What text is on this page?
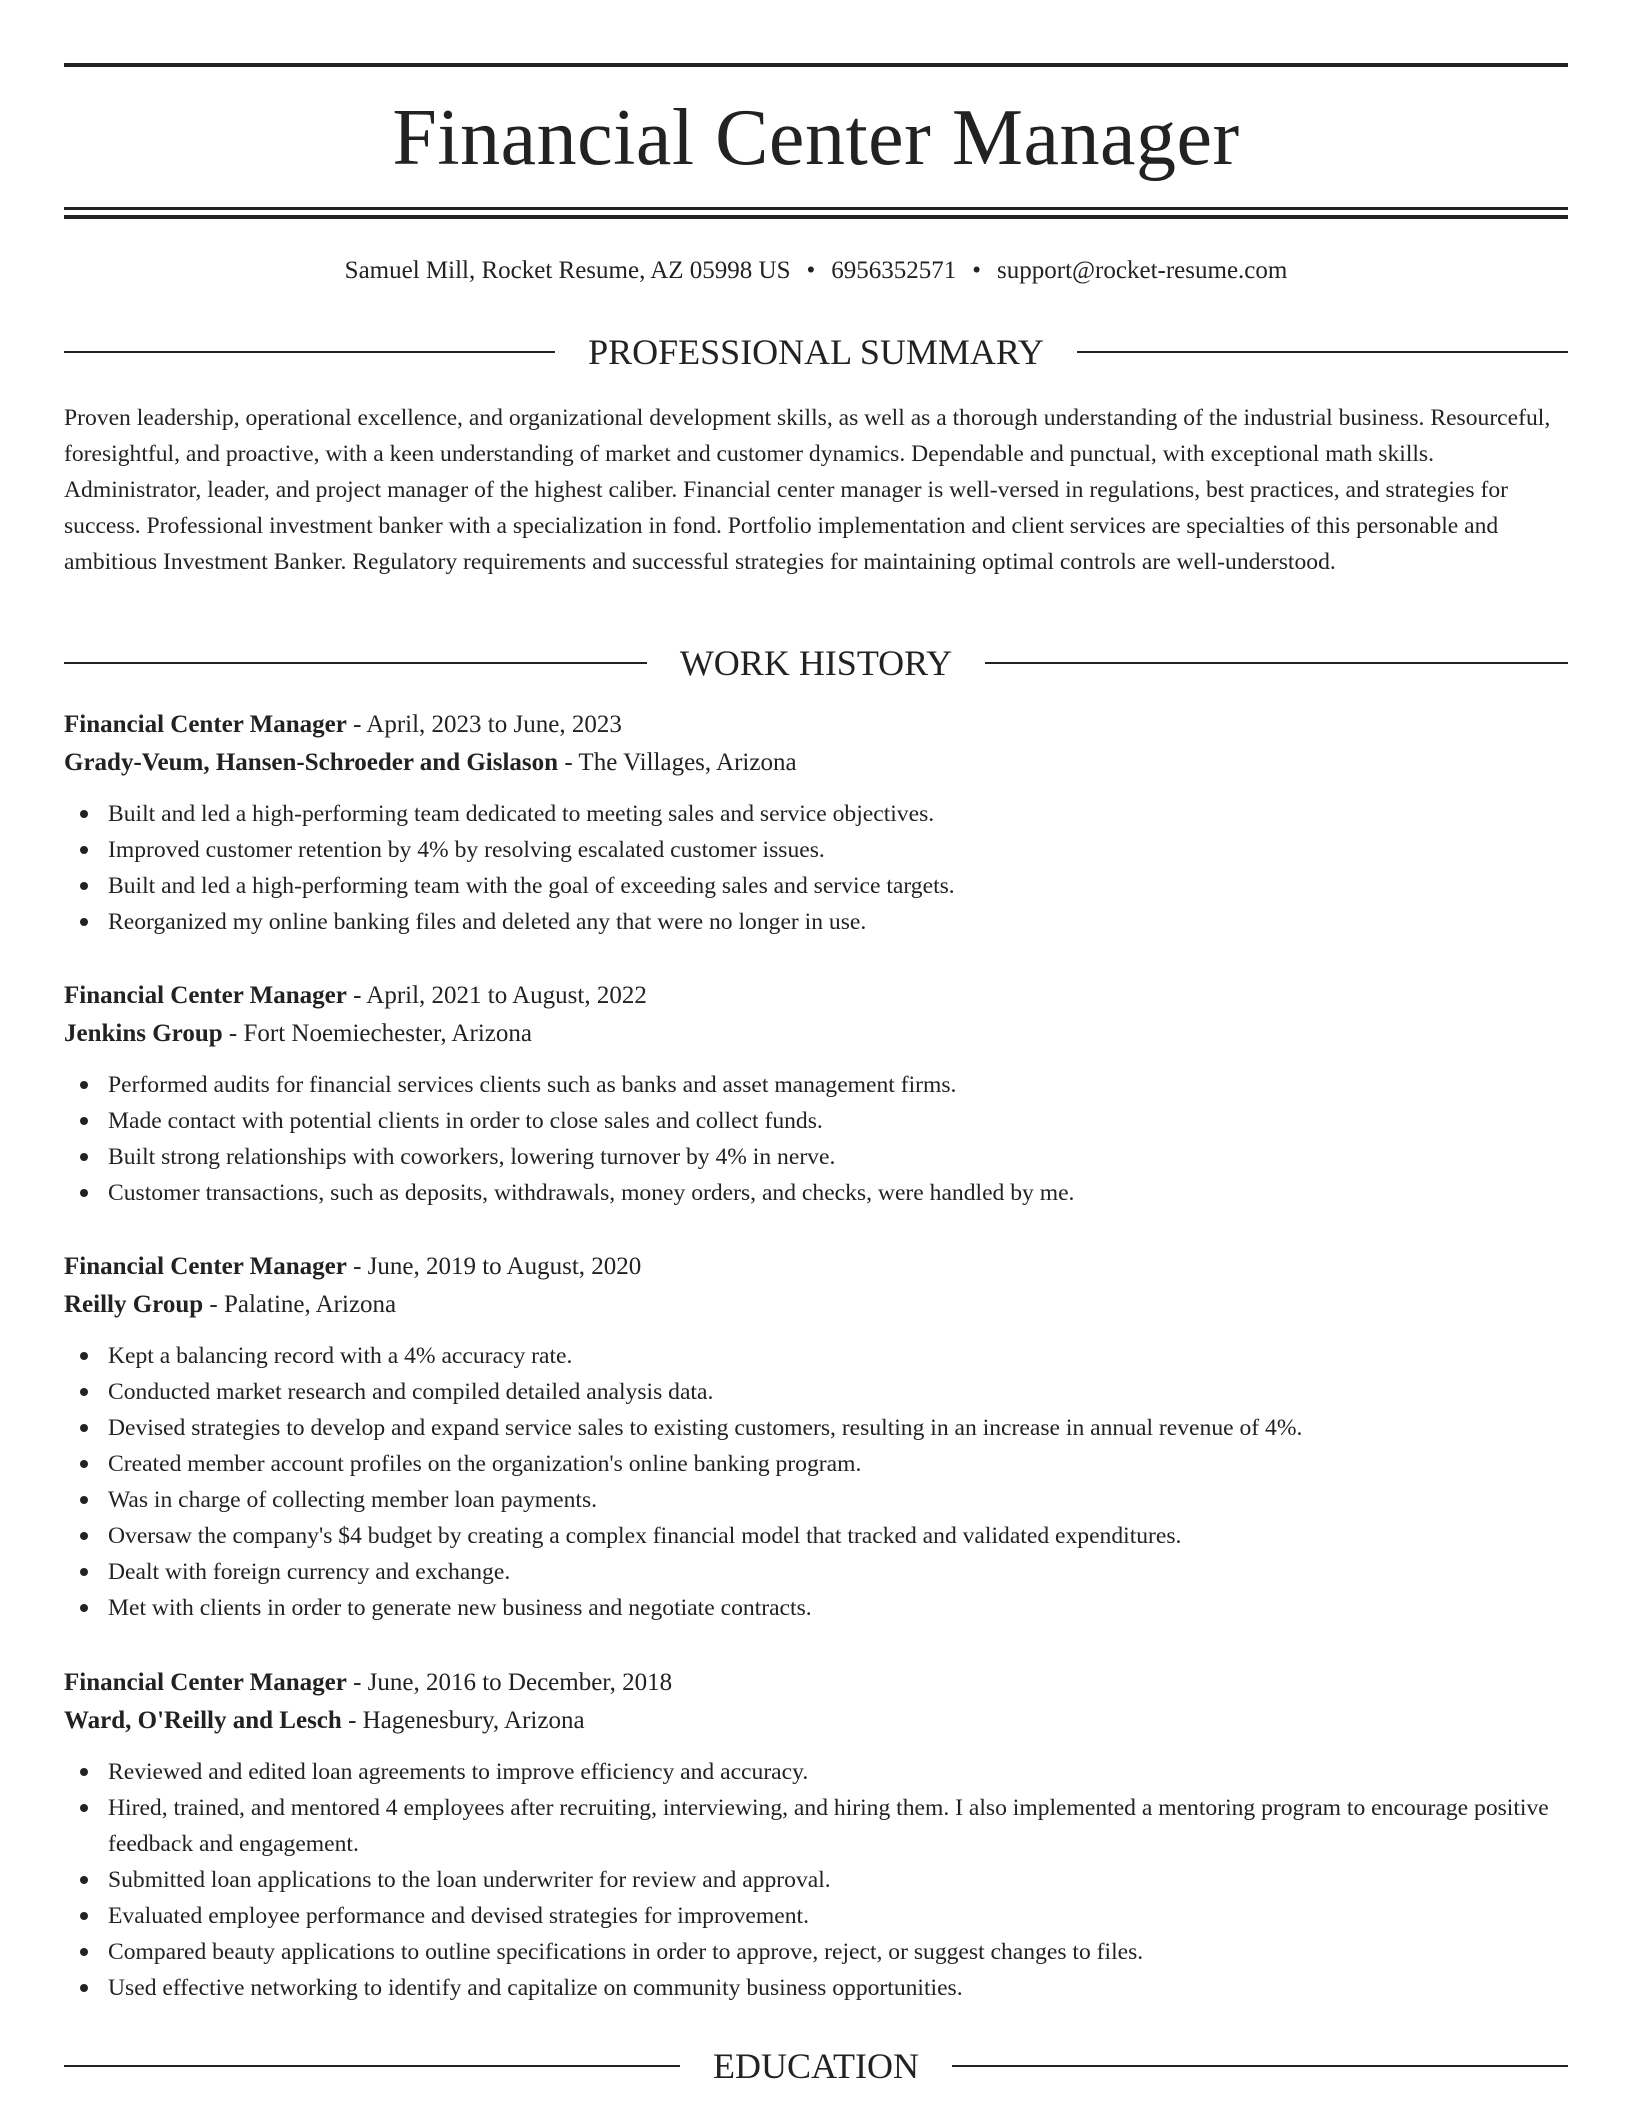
Financial Center Manager
Samuel Mill, Rocket Resume, AZ 05998 US • 6956352571 • support@rocket-resume.com
PROFESSIONAL SUMMARY

Proven leadership, operational excellence, and organizational development skills, as well as a thorough understanding of the industrial business. Resourceful, foresightful, and proactive, with a keen understanding of market and customer dynamics. Dependable and punctual, with exceptional math skills. Administrator, leader, and project manager of the highest caliber. Financial center manager is well-versed in regulations, best practices, and strategies for success. Professional investment banker with a specialization in fond. Portfolio implementation and client services are specialties of this personable and ambitious Investment Banker. Regulatory requirements and successful strategies for maintaining optimal controls are well-understood.

WORK HISTORY
Financial Center Manager - April, 2023 to June, 2023
Grady-Veum, Hansen-Schroeder and Gislason - The Villages, Arizona
Built and led a high-performing team dedicated to meeting sales and service objectives.
Improved customer retention by 4% by resolving escalated customer issues.
Built and led a high-performing team with the goal of exceeding sales and service targets.
Reorganized my online banking files and deleted any that were no longer in use.
Financial Center Manager - April, 2021 to August, 2022
Jenkins Group - Fort Noemiechester, Arizona
Performed audits for financial services clients such as banks and asset management firms.
Made contact with potential clients in order to close sales and collect funds.
Built strong relationships with coworkers, lowering turnover by 4% in nerve.
Customer transactions, such as deposits, withdrawals, money orders, and checks, were handled by me.
Financial Center Manager - June, 2019 to August, 2020
Reilly Group - Palatine, Arizona
Kept a balancing record with a 4% accuracy rate.
Conducted market research and compiled detailed analysis data.
Devised strategies to develop and expand service sales to existing customers, resulting in an increase in annual revenue of 4%.
Created member account profiles on the organization's online banking program.
Was in charge of collecting member loan payments.
Oversaw the company's $4 budget by creating a complex financial model that tracked and validated expenditures.
Dealt with foreign currency and exchange.
Met with clients in order to generate new business and negotiate contracts.
Financial Center Manager - June, 2016 to December, 2018
Ward, O'Reilly and Lesch - Hagenesbury, Arizona
Reviewed and edited loan agreements to improve efficiency and accuracy.
Hired, trained, and mentored 4 employees after recruiting, interviewing, and hiring them. I also implemented a mentoring program to encourage positive feedback and engagement.
Submitted loan applications to the loan underwriter for review and approval.
Evaluated employee performance and devised strategies for improvement.
Compared beauty applications to outline specifications in order to approve, reject, or suggest changes to files.
Used effective networking to identify and capitalize on community business opportunities.
EDUCATION
